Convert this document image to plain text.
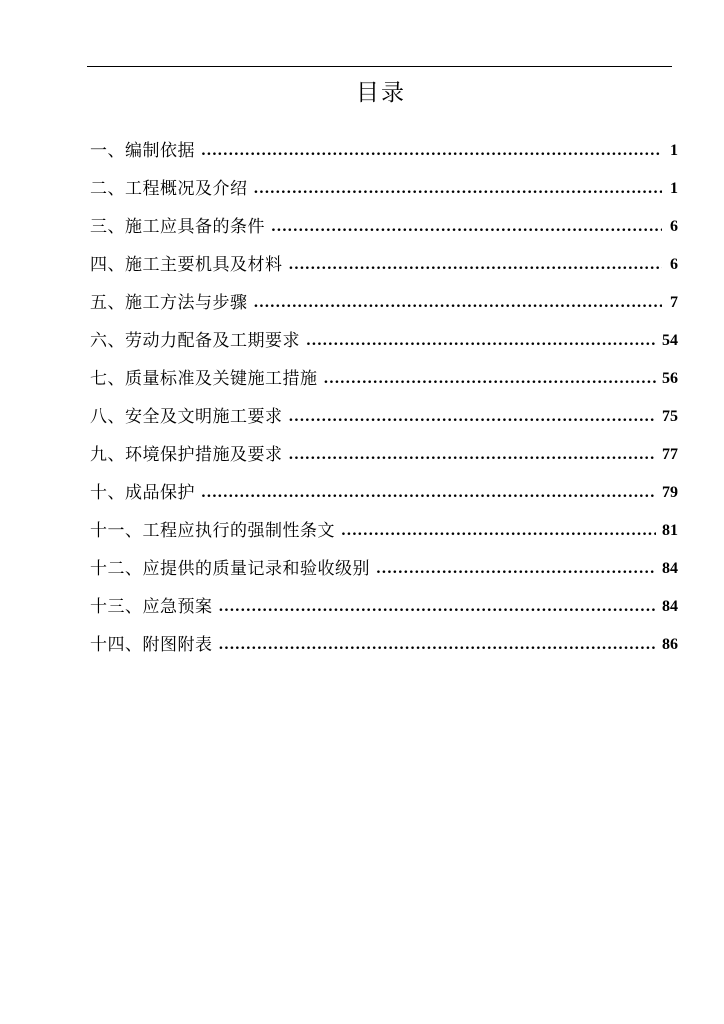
目录
一、编制依据 .....	1
二、工程概况及介绍 .....	1
三、施工应具备的条件 .....	6
四、施工主要机具及材料 .....	6
五、施工方法与步骤 .....	7
六、劳动力配备及工期要求 .....	54
七、质量标准及关键施工措施 .....	56
八、安全及文明施工要求 .....	75
九、环境保护措施及要求 .....	77
十、成品保护 .....	79
十一、工程应执行的强制性条文 .....	81
十二、应提供的质量记录和验收级别 .....	84
十三、应急预案 .....	84
十四、附图附表 .....	86
